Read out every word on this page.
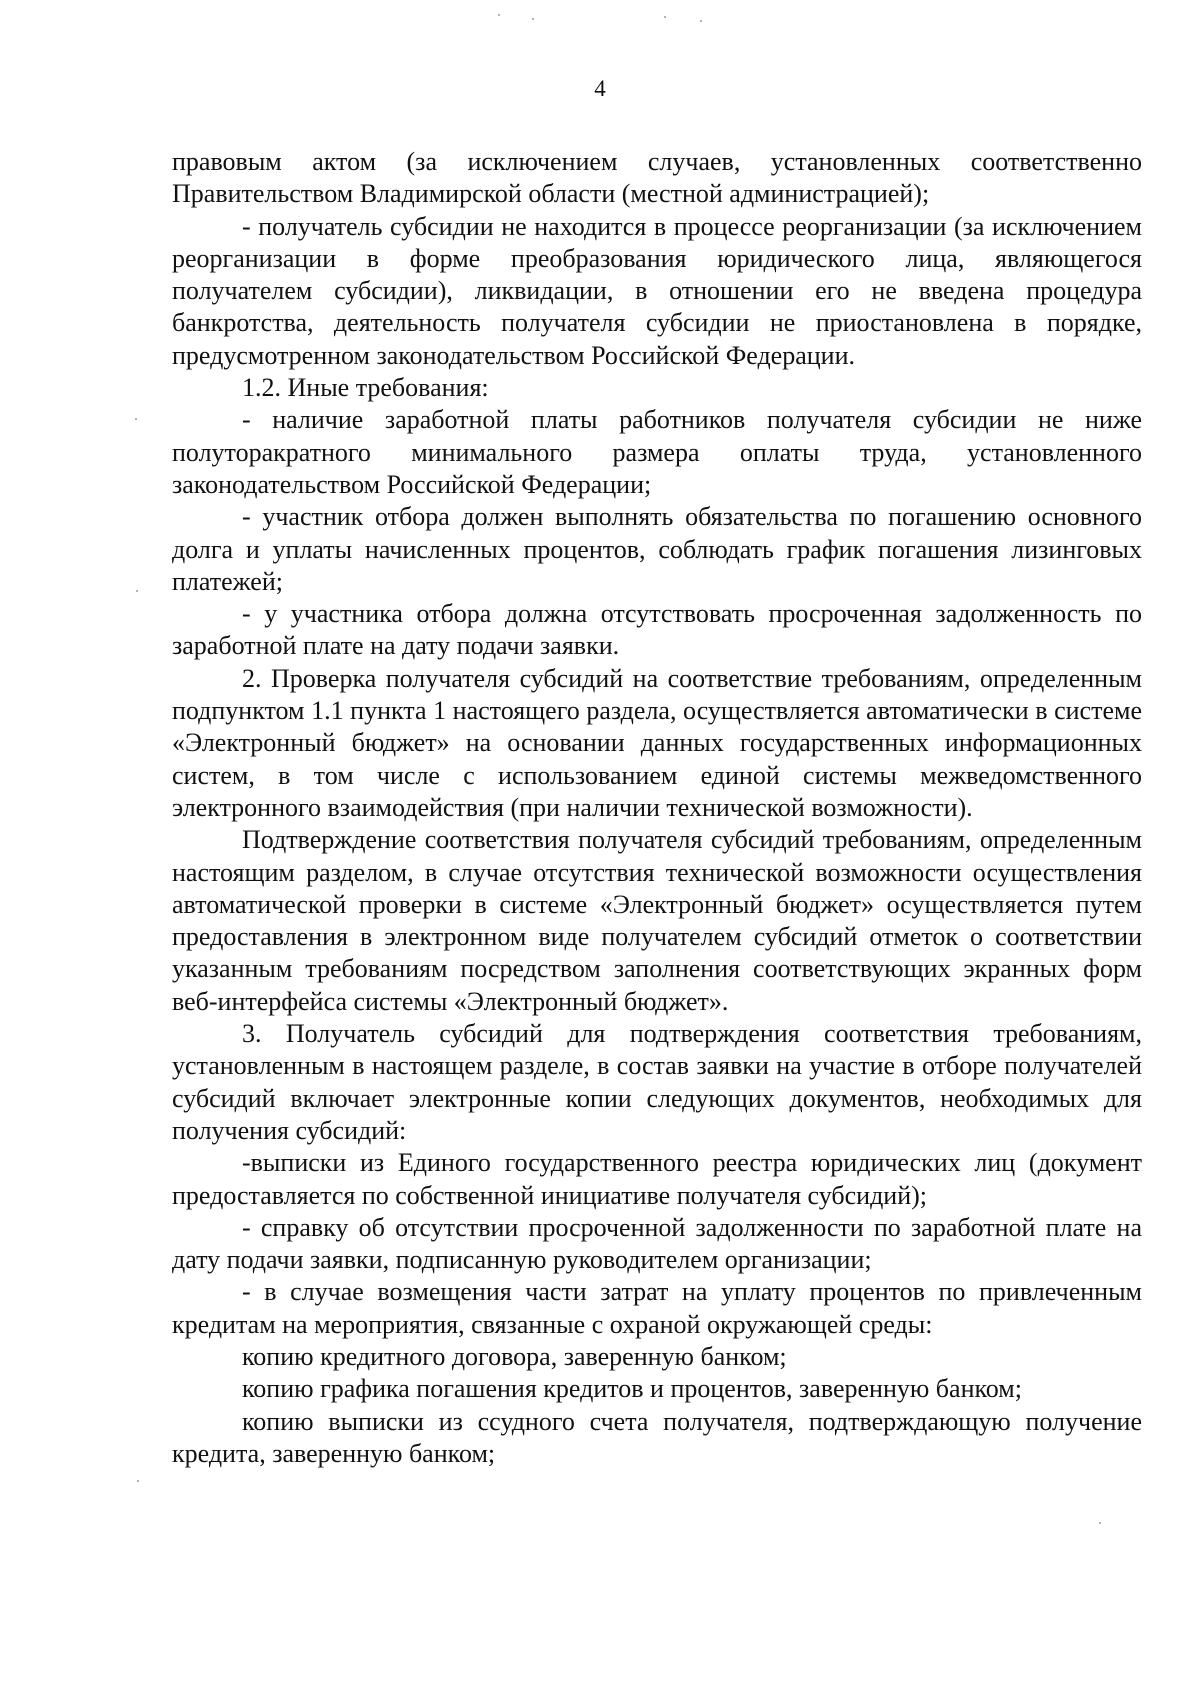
4

правовым актом (за исключением случаев, установленных соответственно Правительством Владимирской области (местной администрацией);

- получатель субсидии не находится в процессе реорганизации (за исключением реорганизации в форме преобразования юридического лица, являющегося получателем субсидии), ликвидации, в отношении его не введена процедура банкротства, деятельность получателя субсидии не приостановлена в порядке, предусмотренном законодательством Российской Федерации.

1.2. Иные требования:

- наличие заработной платы работников получателя субсидии не ниже полуторакратного минимального размера оплаты труда, установленного законодательством Российской Федерации;

- участник отбора должен выполнять обязательства по погашению основного долга и уплаты начисленных процентов, соблюдать график погашения лизинговых платежей;

- у участника отбора должна отсутствовать просроченная задолженность по заработной плате на дату подачи заявки.

2. Проверка получателя субсидий на соответствие требованиям, определенным подпунктом 1.1 пункта 1 настоящего раздела, осуществляется автоматически в системе «Электронный бюджет» на основании данных государственных информационных систем, в том числе с использованием единой системы межведомственного электронного взаимодействия (при наличии технической возможности).

Подтверждение соответствия получателя субсидий требованиям, определенным настоящим разделом, в случае отсутствия технической возможности осуществления автоматической проверки в системе «Электронный бюджет» осуществляется путем предоставления в электронном виде получателем субсидий отметок о соответствии указанным требованиям посредством заполнения соответствующих экранных форм веб-интерфейса системы «Электронный бюджет».

3. Получатель субсидий для подтверждения соответствия требованиям, установленным в настоящем разделе, в состав заявки на участие в отборе получателей субсидий включает электронные копии следующих документов, необходимых для получения субсидий:

-выписки из Единого государственного реестра юридических лиц (документ предоставляется по собственной инициативе получателя субсидий);

- справку об отсутствии просроченной задолженности по заработной плате на дату подачи заявки, подписанную руководителем организации;

- в случае возмещения части затрат на уплату процентов по привлеченным кредитам на мероприятия, связанные с охраной окружающей среды:

копию кредитного договора, заверенную банком;

копию графика погашения кредитов и процентов, заверенную банком;

копию выписки из ссудного счета получателя, подтверждающую получение кредита, заверенную банком;
